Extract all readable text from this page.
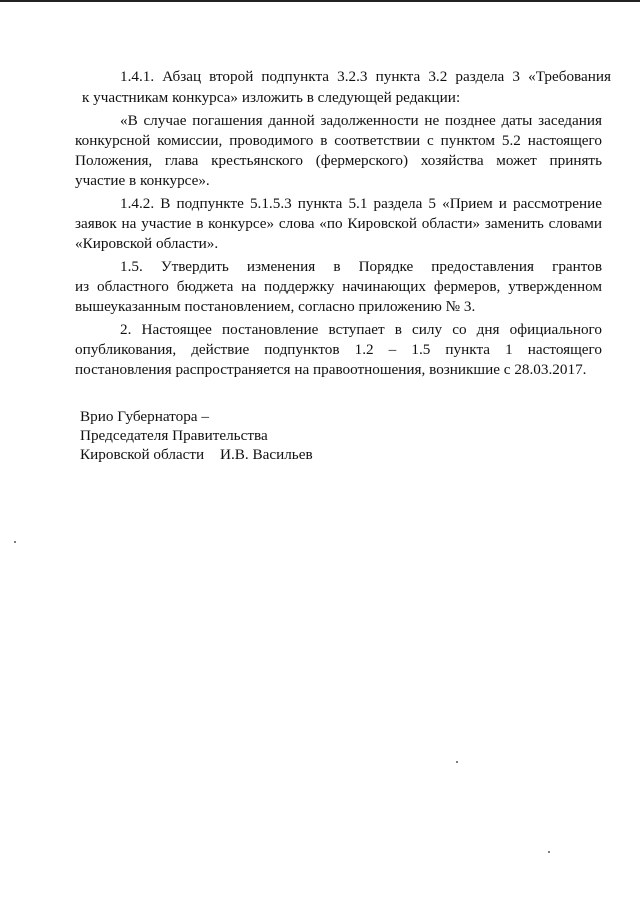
1.4.1. Абзац второй подпункта 3.2.3 пункта 3.2 раздела 3 «Требования
к участникам конкурса» изложить в следующей редакции:
«В случае погашения данной задолженности не позднее даты заседания
конкурсной комиссии, проводимого в соответствии с пунктом 5.2 настоящего
Положения, глава крестьянского (фермерского) хозяйства может принять
участие в конкурсе».
1.4.2. В подпункте 5.1.5.3 пункта 5.1 раздела 5 «Прием и рассмотрение
заявок на участие в конкурсе» слова «по Кировской области» заменить словами
«Кировской области».
1.5. Утвердить изменения в Порядке предоставления грантов
из областного бюджета на поддержку начинающих фермеров, утвержденном
вышеуказанным постановлением, согласно приложению № 3.
2. Настоящее постановление вступает в силу со дня официального
опубликования, действие подпунктов 1.2 – 1.5 пункта 1 настоящего
постановления распространяется на правоотношения, возникшие с 28.03.2017.
Врио Губернатора –
Председателя Правительства
Кировской области И.В. Васильев
